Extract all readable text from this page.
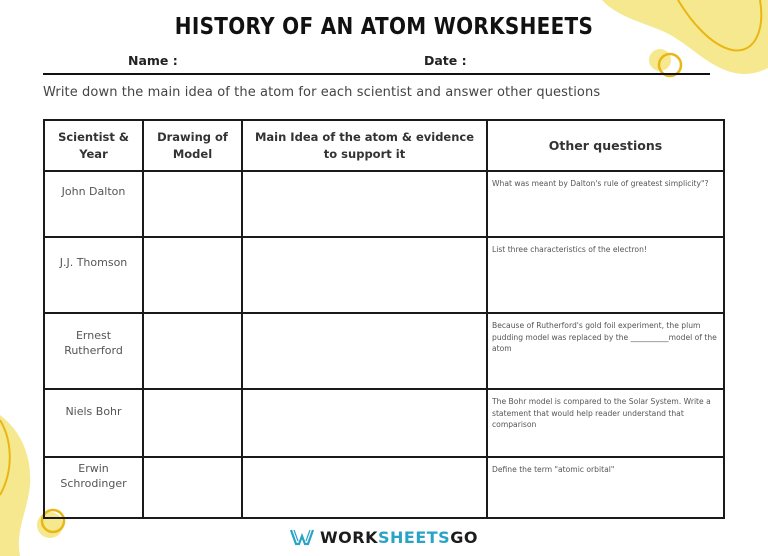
HISTORY OF AN ATOM WORKSHEETS
Name :	Date :
Write down the main idea of the atom for each scientist and answer other questions
Scientist & Year	Drawing of Model	Main Idea of the atom & evidence to support it	Other questions
John Dalton			What was meant by Dalton's rule of greatest simplicity"?
J.J. Thomson			List three characteristics of the electron!
Ernest Rutherford			Because of Rutherford's gold foil experiment, the plum pudding model was replaced by the __________model of the atom
Niels Bohr			The Bohr model is compared to the Solar System. Write a statement that would help reader understand that comparison
Erwin Schrodinger			Define the term "atomic orbital"
WORK SHEETS GO
